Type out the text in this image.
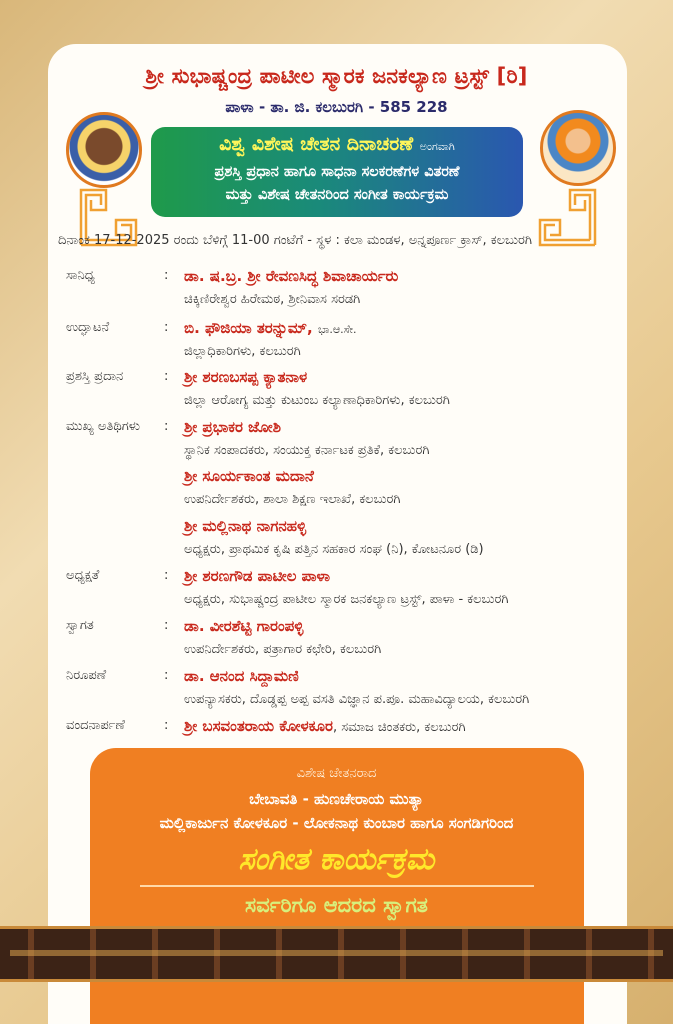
ಶ್ರೀ ಸುಭಾಷ್ಚಂದ್ರ ಪಾಟೀಲ ಸ್ಮಾರಕ ಜನಕಲ್ಯಾಣ ಟ್ರಸ್ಟ್ [ರಿ]
ಪಾಳಾ - ತಾ. ಜಿ. ಕಲಬುರಗಿ - 585 228
ವಿಶ್ವ ವಿಶೇಷ ಚೇತನ ದಿನಾಚರಣೆ ಅಂಗವಾಗಿ
ಪ್ರಶಸ್ತಿ ಪ್ರಧಾನ ಹಾಗೂ ಸಾಧನಾ ಸಲಕರಣೆಗಳ ವಿತರಣೆ
ಮತ್ತು ವಿಶೇಷ ಚೇತನರಿಂದ ಸಂಗೀತ ಕಾರ್ಯಕ್ರಮ
ದಿನಾಂಕ 17-12-2025 ರಂದು ಬೆಳಿಗ್ಗೆ 11-00 ಗಂಟೆಗೆ - ಸ್ಥಳ : ಕಲಾ ಮಂಡಳ, ಅನ್ನಪೂರ್ಣ ಕ್ರಾಸ್, ಕಲಬುರಗಿ
ಸಾನಿಧ್ಯ	: ಡಾ. ಷ.ಬ್ರ. ಶ್ರೀ ರೇವಣಸಿದ್ಧ ಶಿವಾಚಾರ್ಯರು
ಚಿಕ್ಕಿಣಿರೇಶ್ವರ ಹಿರೇಮಠ, ಶ್ರೀನಿವಾಸ ಸರಡಗಿ
ಉದ್ಘಾಟನೆ	: ಬಿ. ಫೌಜಿಯಾ ತರನ್ನುಮ್, ಭಾ.ಆ.ಸೇ.
ಜಿಲ್ಲಾಧಿಕಾರಿಗಳು, ಕಲಬುರಗಿ
ಪ್ರಶಸ್ತಿ ಪ್ರದಾನ	: ಶ್ರೀ ಶರಣಬಸಪ್ಪ ಕ್ಯಾತನಾಳ
ಜಿಲ್ಲಾ ಆರೋಗ್ಯ ಮತ್ತು ಕುಟುಂಬ ಕಲ್ಯಾಣಾಧಿಕಾರಿಗಳು, ಕಲಬುರಗಿ
ಮುಖ್ಯ ಅತಿಥಿಗಳು : ಶ್ರೀ ಪ್ರಭಾಕರ ಜೋಶಿ
ಸ್ಥಾನಿಕ ಸಂಪಾದಕರು, ಸಂಯುಕ್ತ ಕರ್ನಾಟಕ ಪ್ರತಿಕೆ, ಕಲಬುರಗಿ
ಶ್ರೀ ಸೂರ್ಯಕಾಂತ ಮದಾನೆ
ಉಪನಿರ್ದೇಶಕರು, ಶಾಲಾ ಶಿಕ್ಷಣ ಇಲಾಖೆ, ಕಲಬುರಗಿ
ಶ್ರೀ ಮಲ್ಲಿನಾಥ ನಾಗನಹಳ್ಳಿ
ಅಧ್ಯಕ್ಷರು, ಪ್ರಾಥಮಿಕ ಕೃಷಿ ಪತ್ತಿನ ಸಹಕಾರ ಸಂಘ (ನಿ), ಕೋಟನೂರ (ಡಿ)
ಅಧ್ಯಕ್ಷತೆ	: ಶ್ರೀ ಶರಣಗೌಡ ಪಾಟೀಲ ಪಾಳಾ
ಅಧ್ಯಕ್ಷರು, ಸುಭಾಷ್ಚಂದ್ರ ಪಾಟೀಲ ಸ್ಮಾರಕ ಜನಕಲ್ಯಾಣ ಟ್ರಸ್ಟ್, ಪಾಳಾ - ಕಲಬುರಗಿ
ಸ್ವಾಗತ	: ಡಾ. ವೀರಶೆಟ್ಟಿ ಗಾರಂಪಳ್ಳಿ
ಉಪನಿರ್ದೇಶಕರು, ಪತ್ರಾಗಾರ ಕಛೇರಿ, ಕಲಬುರಗಿ
ನಿರೂಪಣೆ	: ಡಾ. ಆನಂದ ಸಿದ್ದಾಮಣಿ
ಉಪನ್ಯಾಸಕರು, ದೊಡ್ಡಪ್ಪ ಅಪ್ಪ ವಸತಿ ವಿಜ್ಞಾನ ಪ.ಪೂ. ಮಹಾವಿದ್ಯಾಲಯ, ಕಲಬುರಗಿ
ವಂದನಾರ್ಪಣೆ	: ಶ್ರೀ ಬಸವಂತರಾಯ ಕೋಳಕೂರ, ಸಮಾಜ ಚಿಂತಕರು, ಕಲಬುರಗಿ
ವಿಶೇಷ ಚೇತನರಾದ
ಬೇಬಾವತಿ - ಹುಣಚೇರಾಯ ಮುತ್ಯಾ
ಮಲ್ಲಿಕಾರ್ಜುನ ಕೋಳಕೂರ - ಲೋಕನಾಥ ಕುಂಬಾರ ಹಾಗೂ ಸಂಗಡಿಗರಿಂದ
ಸಂಗೀತ ಕಾರ್ಯಕ್ರಮ
ಸರ್ವರಿಗೂ ಆದರದ ಸ್ವಾಗತ
